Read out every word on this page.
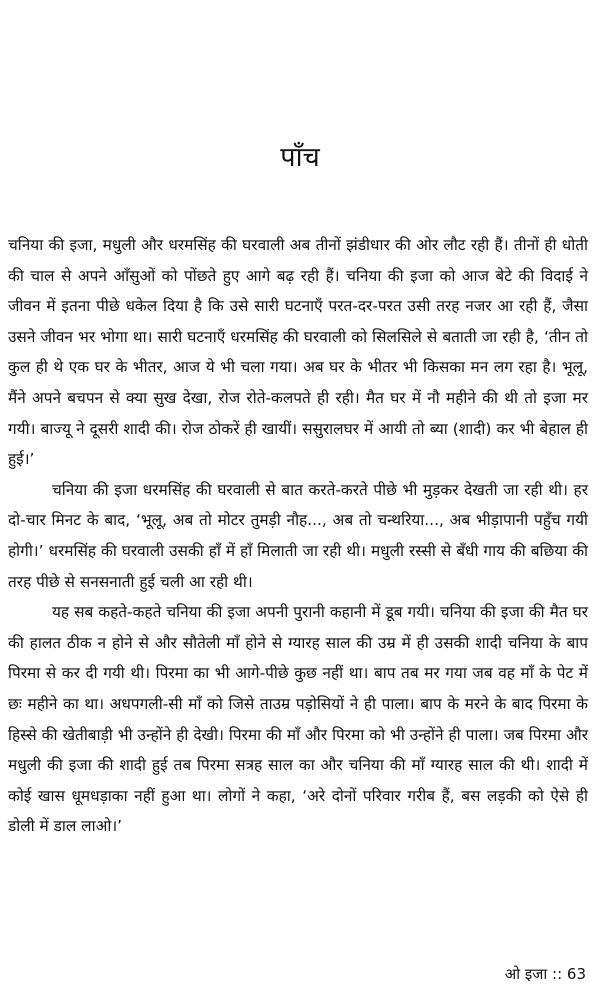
पाँच

चनिया की इजा, मधुली और धरमसिंह की घरवाली अब तीनों झंडीधार की ओर लौट रही हैं। तीनों ही धोती की चाल से अपने आँसुओं को पोंछते हुए आगे बढ़ रही हैं। चनिया की इजा को आज बेटे की विदाई ने जीवन में इतना पीछे धकेल दिया है कि उसे सारी घटनाएँ परत-दर-परत उसी तरह नजर आ रही हैं, जैसा उसने जीवन भर भोगा था। सारी घटनाएँ धरमसिंह की घरवाली को सिलसिले से बताती जा रही है, ‘तीन तो कुल ही थे एक घर के भीतर, आज ये भी चला गया। अब घर के भीतर भी किसका मन लग रहा है। भूलू, मैंने अपने बचपन से क्या सुख देखा, रोज रोते-कलपते ही रही। मैत घर में नौ महीने की थी तो इजा मर गयी। बाज्यू ने दूसरी शादी की। रोज ठोकरें ही खायीं। ससुरालघर में आयी तो ब्या (शादी) कर भी बेहाल ही हुई।’

चनिया की इजा धरमसिंह की घरवाली से बात करते-करते पीछे भी मुड़कर देखती जा रही थी। हर दो-चार मिनट के बाद, ‘भूलू, अब तो मोटर तुमड़ी नौह..., अब तो चन्थरिया..., अब भीड़ापानी पहुँच गयी होगी।’ धरमसिंह की घरवाली उसकी हाँ में हाँ मिलाती जा रही थी। मधुली रस्सी से बँधी गाय की बछिया की तरह पीछे से सनसनाती हुई चली आ रही थी।

यह सब कहते-कहते चनिया की इजा अपनी पुरानी कहानी में डूब गयी। चनिया की इजा की मैत घर की हालत ठीक न होने से और सौतेली माँ होने से ग्यारह साल की उम्र में ही उसकी शादी चनिया के बाप पिरमा से कर दी गयी थी। पिरमा का भी आगे-पीछे कुछ नहीं था। बाप तब मर गया जब वह माँ के पेट में छः महीने का था। अधपगली-सी माँ को जिसे ताउम्र पड़ोसियों ने ही पाला। बाप के मरने के बाद पिरमा के हिस्से की खेतीबाड़ी भी उन्होंने ही देखी। पिरमा की माँ और पिरमा को भी उन्होंने ही पाला। जब पिरमा और मधुली की इजा की शादी हुई तब पिरमा सत्रह साल का और चनिया की माँ ग्यारह साल की थी। शादी में कोई खास धूमधड़ाका नहीं हुआ था। लोगों ने कहा, ‘अरे दोनों परिवार गरीब हैं, बस लड़की को ऐसे ही डोली में डाल लाओ।’

ओ इजा :: 63
